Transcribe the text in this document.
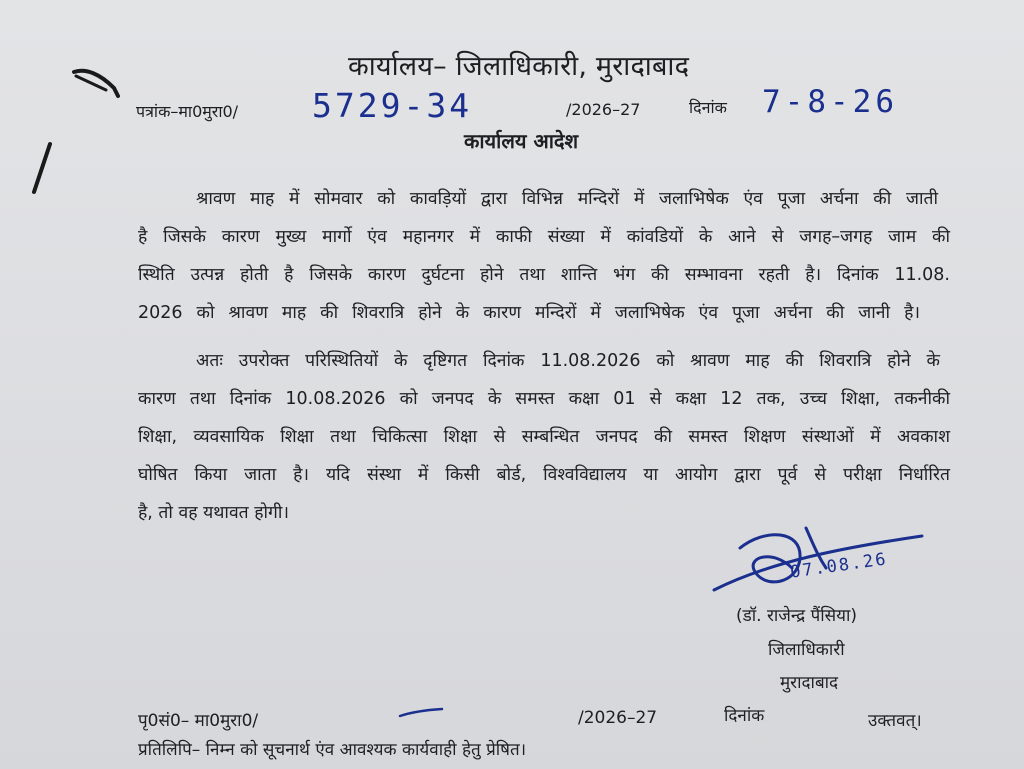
कार्यालय– जिलाधिकारी, मुरादाबाद
पत्रांक–मा0मुरा0/ 5729-34	/2026–27	दिनांक 7-8-26
कार्यालय आदेश
श्रावण माह में सोमवार को कावड़ियों द्वारा विभिन्न मन्दिरों में जलाभिषेक एंव पूजा अर्चना की जाती
है जिसके कारण मुख्य मार्गो एंव महानगर में काफी संख्या में कांवडियों के आने से जगह–जगह जाम की
स्थिति उत्पन्न होती है जिसके कारण दुर्घटना होने तथा शान्ति भंग की सम्भावना रहती है। दिनांक 11.08.
2026 को श्रावण माह की शिवरात्रि होने के कारण मन्दिरों में जलाभिषेक एंव पूजा अर्चना की जानी है।
अतः उपरोक्त परिस्थितियों के दृष्टिगत दिनांक 11.08.2026 को श्रावण माह की शिवरात्रि होने के
कारण तथा दिनांक 10.08.2026 को जनपद के समस्त कक्षा 01 से कक्षा 12 तक, उच्च शिक्षा, तकनीकी
शिक्षा, व्यवसायिक शिक्षा तथा चिकित्सा शिक्षा से सम्बन्धित जनपद की समस्त शिक्षण संस्थाओं में अवकाश
घोषित किया जाता है। यदि संस्था में किसी बोर्ड, विश्वविद्यालय या आयोग द्वारा पूर्व से परीक्षा निर्धारित
है, तो वह यथावत होगी।
07.08.26
(डॉ. राजेन्द्र पैंसिया)
जिलाधिकारी
मुरादाबाद
पृ0सं0– मा0मुरा0/	/2026–27	दिनांक	उक्तवत्।
प्रतिलिपि– निम्न को सूचनार्थ एंव आवश्यक कार्यवाही हेतु प्रेषित।
